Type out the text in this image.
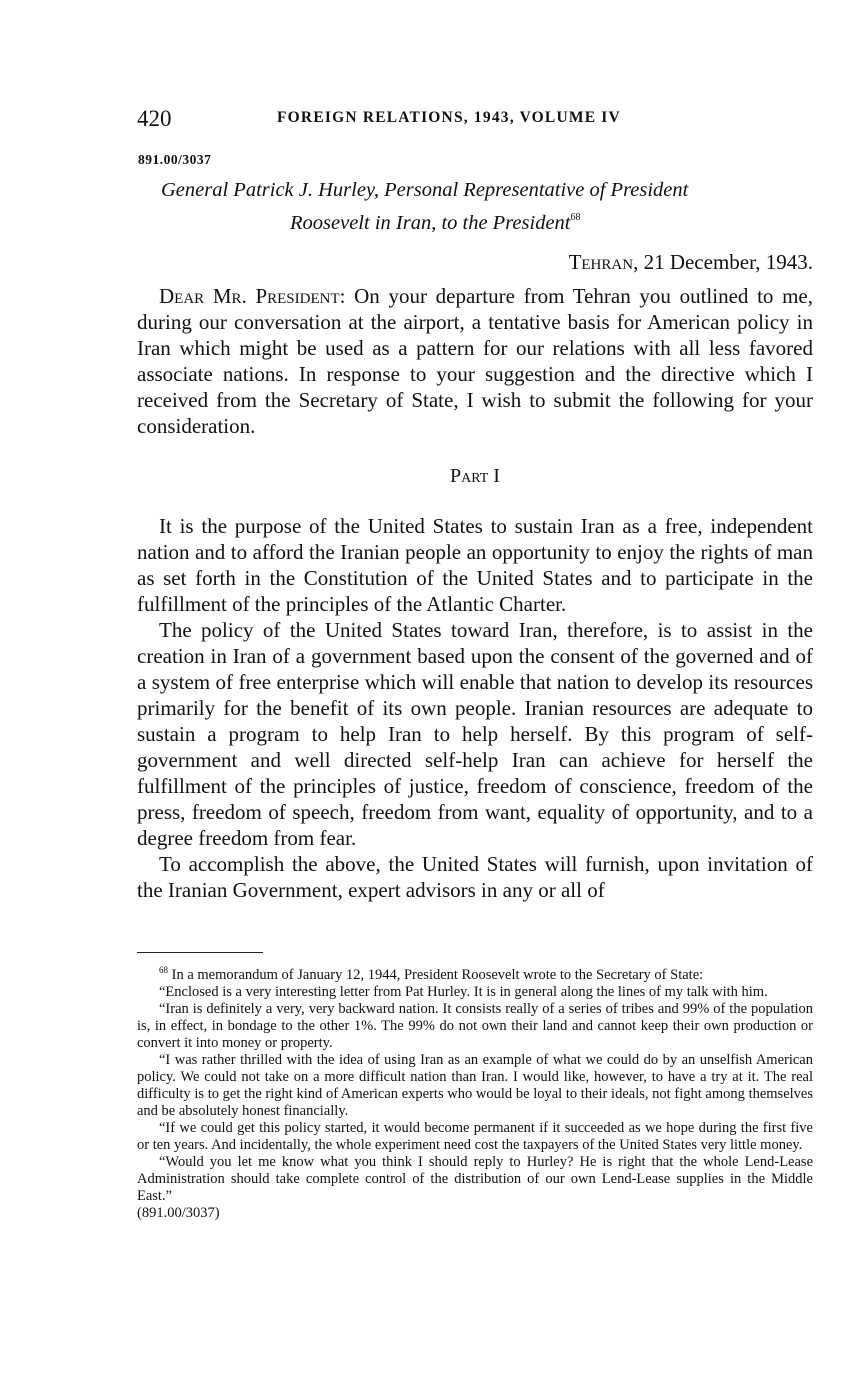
420	FOREIGN RELATIONS, 1943, VOLUME IV
891.00/3037
General Patrick J. Hurley, Personal Representative of President
Roosevelt in Iran, to the President$^{68}$
Tehran, 21 December, 1943.

Dear Mr. President: On your departure from Tehran you outlined to me, during our conversation at the airport, a tentative basis for American policy in Iran which might be used as a pattern for our relations with all less favored associate nations. In response to your suggestion and the directive which I received from the Secretary of State, I wish to submit the following for your consideration.

Part I

It is the purpose of the United States to sustain Iran as a free, independent nation and to afford the Iranian people an opportunity to enjoy the rights of man as set forth in the Constitution of the United States and to participate in the fulfillment of the principles of the Atlantic Charter.

The policy of the United States toward Iran, therefore, is to assist in the creation in Iran of a government based upon the consent of the governed and of a system of free enterprise which will enable that nation to develop its resources primarily for the benefit of its own people. Iranian resources are adequate to sustain a program to help Iran to help herself. By this program of self-government and well directed self-help Iran can achieve for herself the fulfillment of the principles of justice, freedom of conscience, freedom of the press, freedom of speech, freedom from want, equality of opportunity, and to a degree freedom from fear.

To accomplish the above, the United States will furnish, upon invitation of the Iranian Government, expert advisors in any or all of

$^{68}$ In a memorandum of January 12, 1944, President Roosevelt wrote to the Secretary of State:

“Enclosed is a very interesting letter from Pat Hurley. It is in general along the lines of my talk with him.

“Iran is definitely a very, very backward nation. It consists really of a series of tribes and 99% of the population is, in effect, in bondage to the other 1%. The 99% do not own their land and cannot keep their own production or convert it into money or property.

“I was rather thrilled with the idea of using Iran as an example of what we could do by an unselfish American policy. We could not take on a more difficult nation than Iran. I would like, however, to have a try at it. The real difficulty is to get the right kind of American experts who would be loyal to their ideals, not fight among themselves and be absolutely honest financially.

“If we could get this policy started, it would become permanent if it succeeded as we hope during the first five or ten years. And incidentally, the whole experiment need cost the taxpayers of the United States very little money.

“Would you let me know what you think I should reply to Hurley? He is right that the whole Lend-Lease Administration should take complete control of the distribution of our own Lend-Lease supplies in the Middle East.”

(891.00/3037)
